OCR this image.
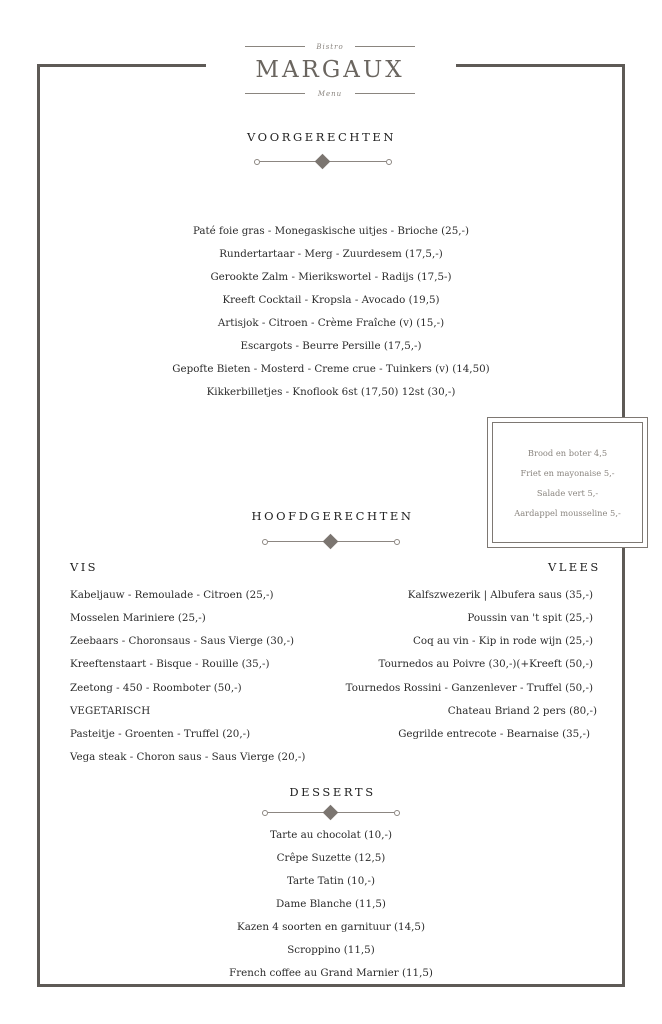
Bistro
MARGAUX
Menu
VOORGERECHTEN
Paté foie gras - Monegaskische uitjes - Brioche (25,-)
Rundertartaar - Merg - Zuurdesem (17,5,-)
Gerookte Zalm - Mierikswortel - Radijs (17,5-)
Kreeft Cocktail - Kropsla - Avocado (19,5)
Artisjok - Citroen - Crème Fraîche (v) (15,-)
Escargots - Beurre Persille (17,5,-)
Gepofte Bieten - Mosterd - Creme crue - Tuinkers (v) (14,50)
Kikkerbilletjes - Knoflook 6st (17,50) 12st (30,-)
Brood en boter 4,5
Friet en mayonaise 5,-
Salade vert 5,-
Aardappel mousseline 5,-
HOOFDGERECHTEN
VIS	VLEES
Kabeljauw - Remoulade - Citroen (25,-)
Mosselen Mariniere (25,-)
Zeebaars - Choronsaus - Saus Vierge (30,-)
Kreeftenstaart - Bisque - Rouille (35,-)
Zeetong - 450 - Roomboter (50,-)
VEGETARISCH
Pasteitje - Groenten - Truffel (20,-)
Vega steak - Choron saus - Saus Vierge (20,-)
Kalfszwezerik | Albufera saus (35,-)
Poussin van 't spit (25,-)
Coq au vin - Kip in rode wijn (25,-)
Tournedos au Poivre (30,-)(+Kreeft (50,-)
Tournedos Rossini - Ganzenlever - Truffel (50,-)
Chateau Briand 2 pers (80,-)
Gegrilde entrecote - Bearnaise (35,-)
DESSERTS
Tarte au chocolat (10,-)
Crêpe Suzette (12,5)
Tarte Tatin (10,-)
Dame Blanche (11,5)
Kazen 4 soorten en garnituur (14,5)
Scroppino (11,5)
French coffee au Grand Marnier (11,5)
